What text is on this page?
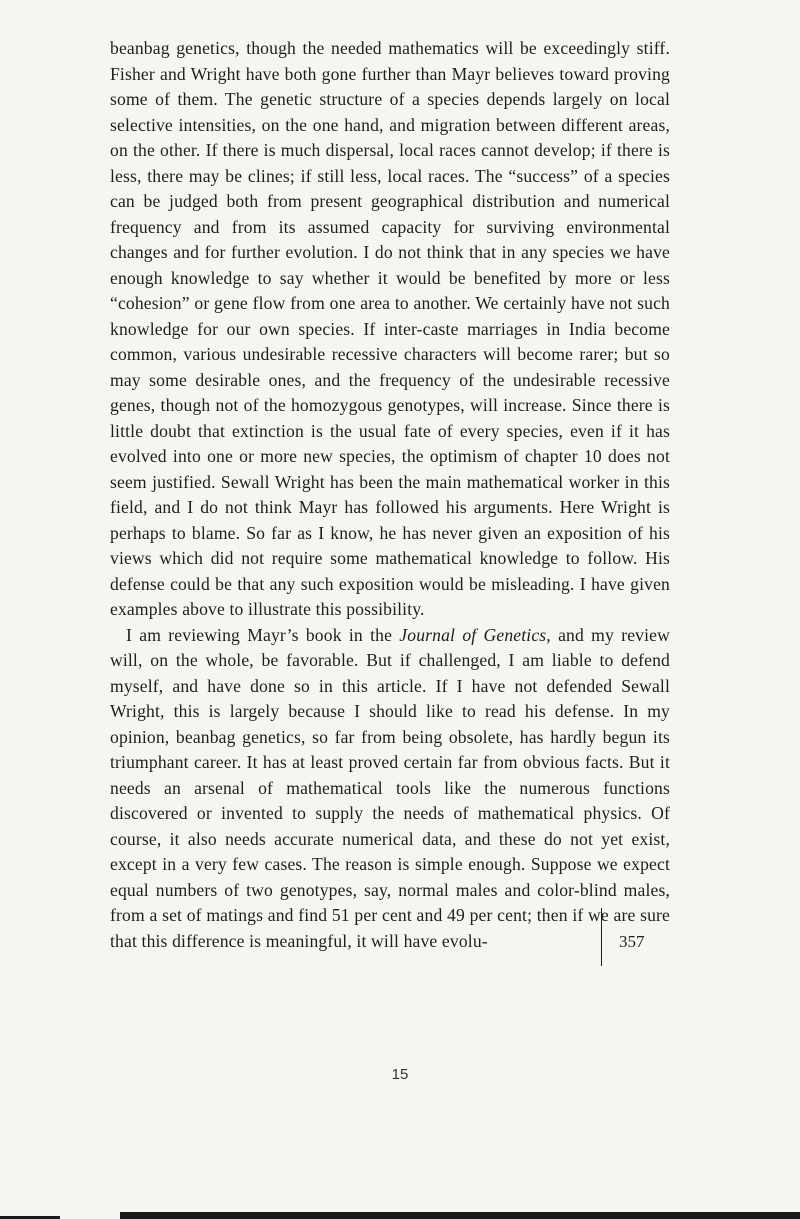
beanbag genetics, though the needed mathematics will be exceedingly stiff. Fisher and Wright have both gone further than Mayr believes toward proving some of them. The genetic structure of a species depends largely on local selective intensities, on the one hand, and migration between different areas, on the other. If there is much dispersal, local races cannot develop; if there is less, there may be clines; if still less, local races. The “success” of a species can be judged both from present geographical distribution and numerical frequency and from its assumed capacity for surviving environmental changes and for further evolution. I do not think that in any species we have enough knowledge to say whether it would be benefited by more or less “cohesion” or gene flow from one area to another. We certainly have not such knowledge for our own species. If inter-caste marriages in India become common, various undesirable recessive characters will become rarer; but so may some desirable ones, and the frequency of the undesirable recessive genes, though not of the homozygous genotypes, will increase. Since there is little doubt that extinction is the usual fate of every species, even if it has evolved into one or more new species, the optimism of chapter 10 does not seem justified. Sewall Wright has been the main mathematical worker in this field, and I do not think Mayr has followed his arguments. Here Wright is perhaps to blame. So far as I know, he has never given an exposition of his views which did not require some mathematical knowledge to follow. His defense could be that any such exposition would be misleading. I have given examples above to illustrate this possibility.

I am reviewing Mayr’s book in the Journal of Genetics, and my review will, on the whole, be favorable. But if challenged, I am liable to defend myself, and have done so in this article. If I have not defended Sewall Wright, this is largely because I should like to read his defense. In my opinion, beanbag genetics, so far from being obsolete, has hardly begun its triumphant career. It has at least proved certain far from obvious facts. But it needs an arsenal of mathematical tools like the numerous functions discovered or invented to supply the needs of mathematical physics. Of course, it also needs accurate numerical data, and these do not yet exist, except in a very few cases. The reason is simple enough. Suppose we expect equal numbers of two genotypes, say, normal males and color-blind males, from a set of matings and find 51 per cent and 49 per cent; then if we are sure that this difference is meaningful, it will have evolu-	357
15
